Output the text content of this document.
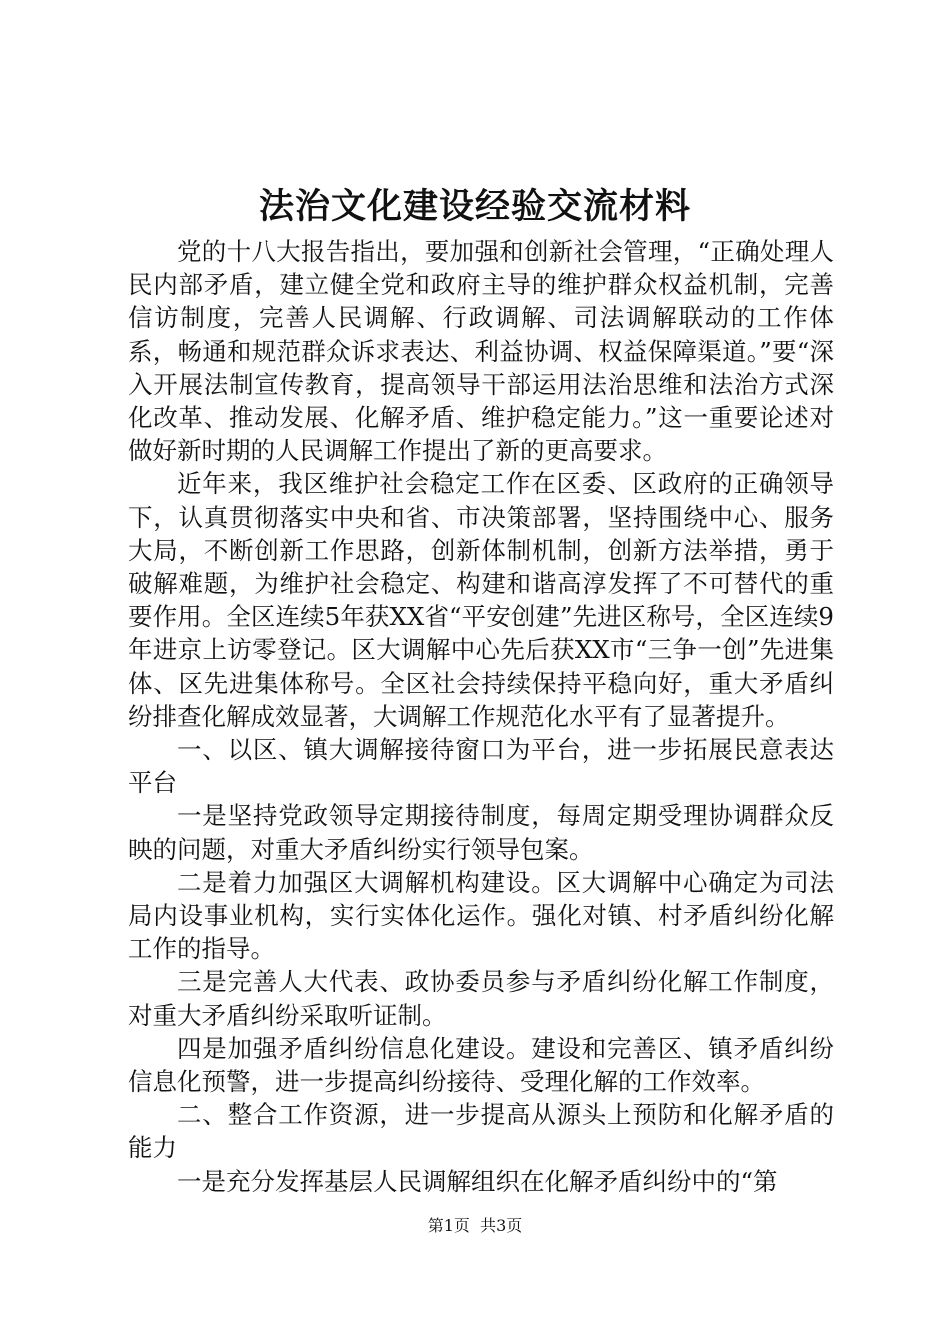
法治文化建设经验交流材料

党的十八大报告指出，要加强和创新社会管理，“正确处理人民内部矛盾，建立健全党和政府主导的维护群众权益机制，完善信访制度，完善人民调解、行政调解、司法调解联动的工作体系，畅通和规范群众诉求表达、利益协调、权益保障渠道。”要“深入开展法制宣传教育，提高领导干部运用法治思维和法治方式深化改革、推动发展、化解矛盾、维护稳定能力。”这一重要论述对做好新时期的人民调解工作提出了新的更高要求。

近年来，我区维护社会稳定工作在区委、区政府的正确领导下，认真贯彻落实中央和省、市决策部署，坚持围绕中心、服务大局，不断创新工作思路，创新体制机制，创新方法举措，勇于破解难题，为维护社会稳定、构建和谐高淳发挥了不可替代的重要作用。全区连续5年获XX省“平安创建”先进区称号，全区连续9年进京上访零登记。区大调解中心先后获XX市“三争一创”先进集体、区先进集体称号。全区社会持续保持平稳向好，重大矛盾纠纷排查化解成效显著，大调解工作规范化水平有了显著提升。

一、以区、镇大调解接待窗口为平台，进一步拓展民意表达平台

一是坚持党政领导定期接待制度，每周定期受理协调群众反映的问题，对重大矛盾纠纷实行领导包案。

二是着力加强区大调解机构建设。区大调解中心确定为司法局内设事业机构，实行实体化运作。强化对镇、村矛盾纠纷化解工作的指导。

三是完善人大代表、政协委员参与矛盾纠纷化解工作制度，对重大矛盾纠纷采取听证制。

四是加强矛盾纠纷信息化建设。建设和完善区、镇矛盾纠纷信息化预警，进一步提高纠纷接待、受理化解的工作效率。

二、整合工作资源，进一步提高从源头上预防和化解矛盾的能力

一是充分发挥基层人民调解组织在化解矛盾纠纷中的“第

第1页 共3页
